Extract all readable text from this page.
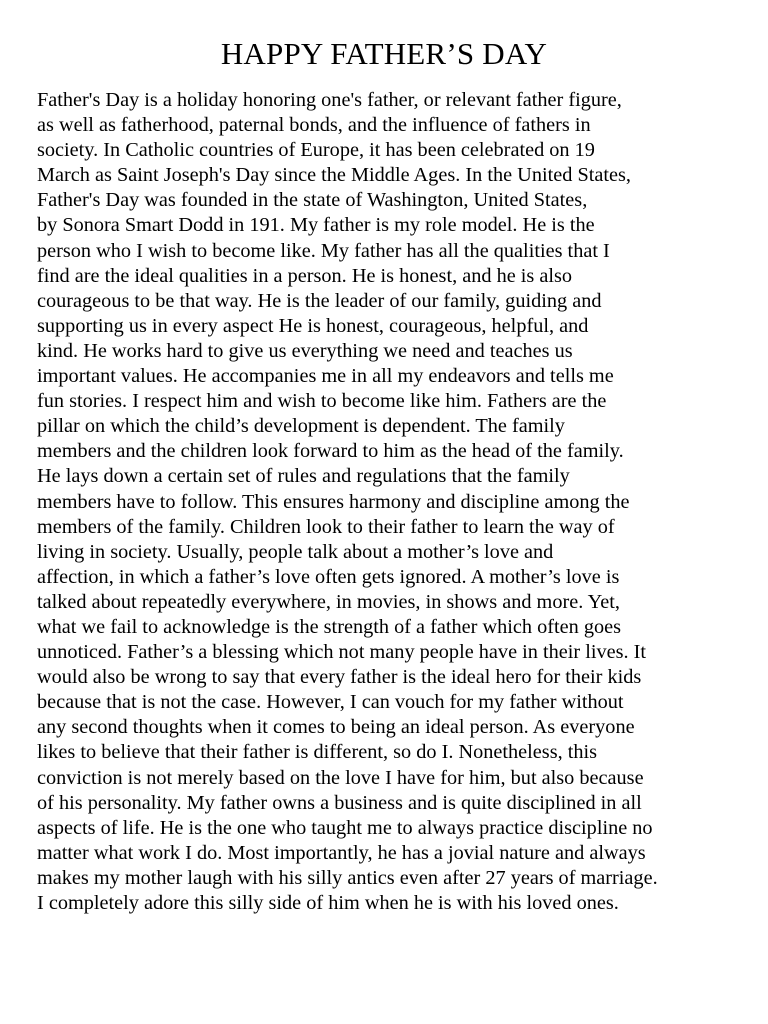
HAPPY FATHER’S DAY
Father's Day is a holiday honoring one's father, or relevant father figure,
as well as fatherhood, paternal bonds, and the influence of fathers in
society. In Catholic countries of Europe, it has been celebrated on 19
March as Saint Joseph's Day since the Middle Ages. In the United States,
Father's Day was founded in the state of Washington, United States,
by Sonora Smart Dodd in 191. My father is my role model. He is the
person who I wish to become like. My father has all the qualities that I
find are the ideal qualities in a person. He is honest, and he is also
courageous to be that way. He is the leader of our family, guiding and
supporting us in every aspect He is honest, courageous, helpful, and
kind. He works hard to give us everything we need and teaches us
important values. He accompanies me in all my endeavors and tells me
fun stories. I respect him and wish to become like him. Fathers are the
pillar on which the child’s development is dependent. The family
members and the children look forward to him as the head of the family.
He lays down a certain set of rules and regulations that the family
members have to follow. This ensures harmony and discipline among the
members of the family. Children look to their father to learn the way of
living in society. Usually, people talk about a mother’s love and
affection, in which a father’s love often gets ignored. A mother’s love is
talked about repeatedly everywhere, in movies, in shows and more. Yet,
what we fail to acknowledge is the strength of a father which often goes
unnoticed. Father’s a blessing which not many people have in their lives. It
would also be wrong to say that every father is the ideal hero for their kids
because that is not the case. However, I can vouch for my father without
any second thoughts when it comes to being an ideal person. As everyone
likes to believe that their father is different, so do I. Nonetheless, this
conviction is not merely based on the love I have for him, but also because
of his personality. My father owns a business and is quite disciplined in all
aspects of life. He is the one who taught me to always practice discipline no
matter what work I do. Most importantly, he has a jovial nature and always
makes my mother laugh with his silly antics even after 27 years of marriage.
I completely adore this silly side of him when he is with his loved ones.
